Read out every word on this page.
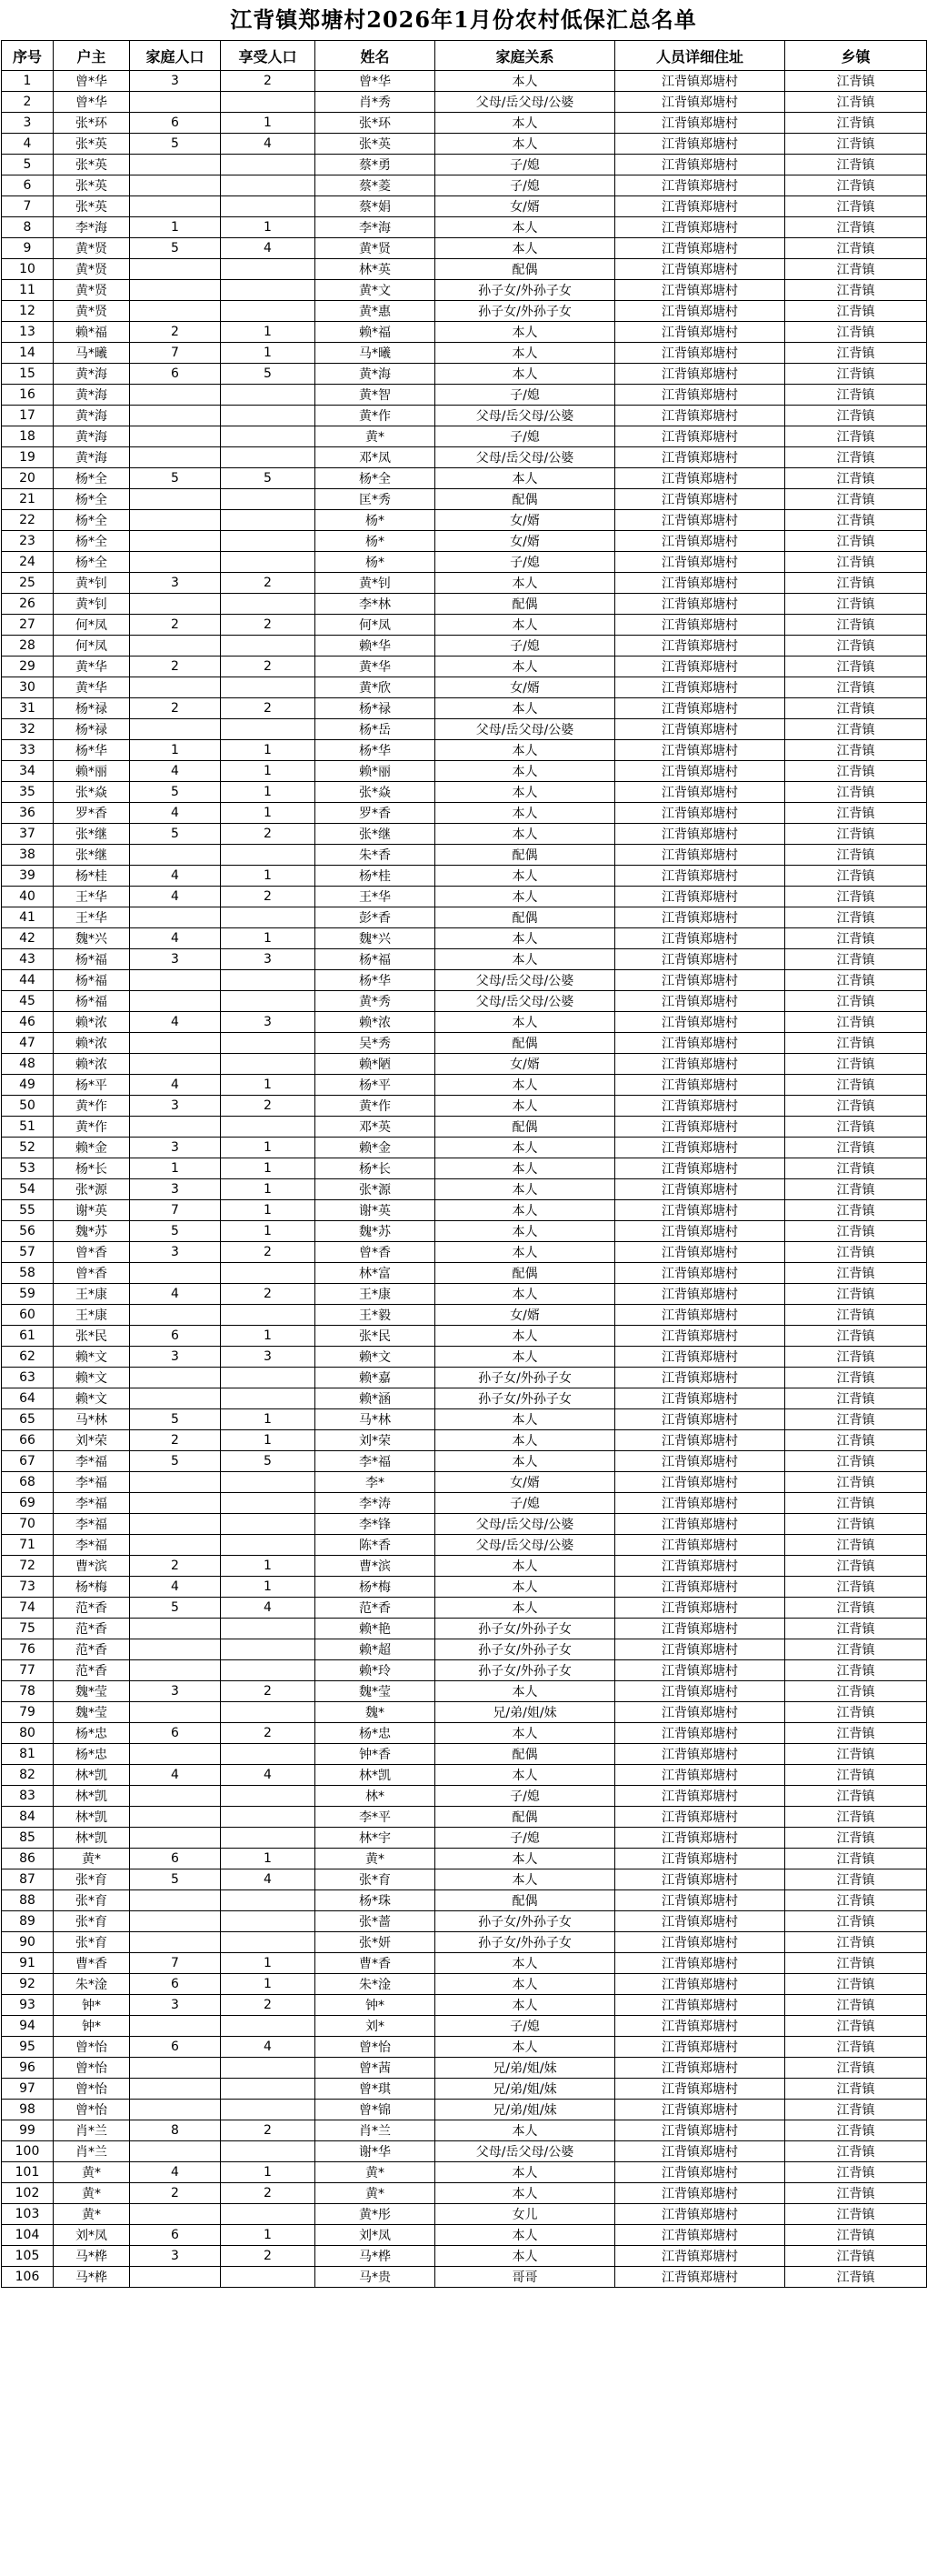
江背镇郑塘村2026年1月份农村低保汇总名单
序号	户主	家庭人口	享受人口	姓名	家庭关系	人员详细住址	乡镇
1	曾*华	3	2	曾*华	本人	江背镇郑塘村	江背镇
2	曾*华			肖*秀	父母/岳父母/公婆	江背镇郑塘村	江背镇
3	张*环	6	1	张*环	本人	江背镇郑塘村	江背镇
4	张*英	5	4	张*英	本人	江背镇郑塘村	江背镇
5	张*英			蔡*勇	子/媳	江背镇郑塘村	江背镇
6	张*英			蔡*菱	子/媳	江背镇郑塘村	江背镇
7	张*英			蔡*娟	女/婿	江背镇郑塘村	江背镇
8	李*海	1	1	李*海	本人	江背镇郑塘村	江背镇
9	黄*贤	5	4	黄*贤	本人	江背镇郑塘村	江背镇
10	黄*贤			林*英	配偶	江背镇郑塘村	江背镇
11	黄*贤			黄*文	孙子女/外孙子女	江背镇郑塘村	江背镇
12	黄*贤			黄*惠	孙子女/外孙子女	江背镇郑塘村	江背镇
13	赖*福	2	1	赖*福	本人	江背镇郑塘村	江背镇
14	马*曦	7	1	马*曦	本人	江背镇郑塘村	江背镇
15	黄*海	6	5	黄*海	本人	江背镇郑塘村	江背镇
16	黄*海			黄*智	子/媳	江背镇郑塘村	江背镇
17	黄*海			黄*作	父母/岳父母/公婆	江背镇郑塘村	江背镇
18	黄*海			黄*	子/媳	江背镇郑塘村	江背镇
19	黄*海			邓*凤	父母/岳父母/公婆	江背镇郑塘村	江背镇
20	杨*全	5	5	杨*全	本人	江背镇郑塘村	江背镇
21	杨*全			匡*秀	配偶	江背镇郑塘村	江背镇
22	杨*全			杨*	女/婿	江背镇郑塘村	江背镇
23	杨*全			杨*	女/婿	江背镇郑塘村	江背镇
24	杨*全			杨*	子/媳	江背镇郑塘村	江背镇
25	黄*钊	3	2	黄*钊	本人	江背镇郑塘村	江背镇
26	黄*钊			李*林	配偶	江背镇郑塘村	江背镇
27	何*凤	2	2	何*凤	本人	江背镇郑塘村	江背镇
28	何*凤			赖*华	子/媳	江背镇郑塘村	江背镇
29	黄*华	2	2	黄*华	本人	江背镇郑塘村	江背镇
30	黄*华			黄*欣	女/婿	江背镇郑塘村	江背镇
31	杨*禄	2	2	杨*禄	本人	江背镇郑塘村	江背镇
32	杨*禄			杨*岳	父母/岳父母/公婆	江背镇郑塘村	江背镇
33	杨*华	1	1	杨*华	本人	江背镇郑塘村	江背镇
34	赖*丽	4	1	赖*丽	本人	江背镇郑塘村	江背镇
35	张*焱	5	1	张*焱	本人	江背镇郑塘村	江背镇
36	罗*香	4	1	罗*香	本人	江背镇郑塘村	江背镇
37	张*继	5	2	张*继	本人	江背镇郑塘村	江背镇
38	张*继			朱*香	配偶	江背镇郑塘村	江背镇
39	杨*桂	4	1	杨*桂	本人	江背镇郑塘村	江背镇
40	王*华	4	2	王*华	本人	江背镇郑塘村	江背镇
41	王*华			彭*香	配偶	江背镇郑塘村	江背镇
42	魏*兴	4	1	魏*兴	本人	江背镇郑塘村	江背镇
43	杨*福	3	3	杨*福	本人	江背镇郑塘村	江背镇
44	杨*福			杨*华	父母/岳父母/公婆	江背镇郑塘村	江背镇
45	杨*福			黄*秀	父母/岳父母/公婆	江背镇郑塘村	江背镇
46	赖*浓	4	3	赖*浓	本人	江背镇郑塘村	江背镇
47	赖*浓			吴*秀	配偶	江背镇郑塘村	江背镇
48	赖*浓			赖*陋	女/婿	江背镇郑塘村	江背镇
49	杨*平	4	1	杨*平	本人	江背镇郑塘村	江背镇
50	黄*作	3	2	黄*作	本人	江背镇郑塘村	江背镇
51	黄*作			邓*英	配偶	江背镇郑塘村	江背镇
52	赖*金	3	1	赖*金	本人	江背镇郑塘村	江背镇
53	杨*长	1	1	杨*长	本人	江背镇郑塘村	江背镇
54	张*源	3	1	张*源	本人	江背镇郑塘村	江背镇
55	谢*英	7	1	谢*英	本人	江背镇郑塘村	江背镇
56	魏*苏	5	1	魏*苏	本人	江背镇郑塘村	江背镇
57	曾*香	3	2	曾*香	本人	江背镇郑塘村	江背镇
58	曾*香			林*富	配偶	江背镇郑塘村	江背镇
59	王*康	4	2	王*康	本人	江背镇郑塘村	江背镇
60	王*康			王*毅	女/婿	江背镇郑塘村	江背镇
61	张*民	6	1	张*民	本人	江背镇郑塘村	江背镇
62	赖*文	3	3	赖*文	本人	江背镇郑塘村	江背镇
63	赖*文			赖*嘉	孙子女/外孙子女	江背镇郑塘村	江背镇
64	赖*文			赖*涵	孙子女/外孙子女	江背镇郑塘村	江背镇
65	马*林	5	1	马*林	本人	江背镇郑塘村	江背镇
66	刘*荣	2	1	刘*荣	本人	江背镇郑塘村	江背镇
67	李*福	5	5	李*福	本人	江背镇郑塘村	江背镇
68	李*福			李*	女/婿	江背镇郑塘村	江背镇
69	李*福			李*涛	子/媳	江背镇郑塘村	江背镇
70	李*福			李*锋	父母/岳父母/公婆	江背镇郑塘村	江背镇
71	李*福			陈*香	父母/岳父母/公婆	江背镇郑塘村	江背镇
72	曹*滨	2	1	曹*滨	本人	江背镇郑塘村	江背镇
73	杨*梅	4	1	杨*梅	本人	江背镇郑塘村	江背镇
74	范*香	5	4	范*香	本人	江背镇郑塘村	江背镇
75	范*香			赖*艳	孙子女/外孙子女	江背镇郑塘村	江背镇
76	范*香			赖*超	孙子女/外孙子女	江背镇郑塘村	江背镇
77	范*香			赖*玲	孙子女/外孙子女	江背镇郑塘村	江背镇
78	魏*莹	3	2	魏*莹	本人	江背镇郑塘村	江背镇
79	魏*莹			魏*	兄/弟/姐/妹	江背镇郑塘村	江背镇
80	杨*忠	6	2	杨*忠	本人	江背镇郑塘村	江背镇
81	杨*忠			钟*香	配偶	江背镇郑塘村	江背镇
82	林*凯	4	4	林*凯	本人	江背镇郑塘村	江背镇
83	林*凯			林*	子/媳	江背镇郑塘村	江背镇
84	林*凯			李*平	配偶	江背镇郑塘村	江背镇
85	林*凯			林*宇	子/媳	江背镇郑塘村	江背镇
86	黄*	6	1	黄*	本人	江背镇郑塘村	江背镇
87	张*育	5	4	张*育	本人	江背镇郑塘村	江背镇
88	张*育			杨*珠	配偶	江背镇郑塘村	江背镇
89	张*育			张*蔷	孙子女/外孙子女	江背镇郑塘村	江背镇
90	张*育			张*妍	孙子女/外孙子女	江背镇郑塘村	江背镇
91	曹*香	7	1	曹*香	本人	江背镇郑塘村	江背镇
92	朱*淦	6	1	朱*淦	本人	江背镇郑塘村	江背镇
93	钟*	3	2	钟*	本人	江背镇郑塘村	江背镇
94	钟*			刘*	子/媳	江背镇郑塘村	江背镇
95	曾*怡	6	4	曾*怡	本人	江背镇郑塘村	江背镇
96	曾*怡			曾*茜	兄/弟/姐/妹	江背镇郑塘村	江背镇
97	曾*怡			曾*琪	兄/弟/姐/妹	江背镇郑塘村	江背镇
98	曾*怡			曾*锦	兄/弟/姐/妹	江背镇郑塘村	江背镇
99	肖*兰	8	2	肖*兰	本人	江背镇郑塘村	江背镇
100	肖*兰			谢*华	父母/岳父母/公婆	江背镇郑塘村	江背镇
101	黄*	4	1	黄*	本人	江背镇郑塘村	江背镇
102	黄*	2	2	黄*	本人	江背镇郑塘村	江背镇
103	黄*			黄*彤	女儿	江背镇郑塘村	江背镇
104	刘*凤	6	1	刘*凤	本人	江背镇郑塘村	江背镇
105	马*桦	3	2	马*桦	本人	江背镇郑塘村	江背镇
106	马*桦			马*贵	哥哥	江背镇郑塘村	江背镇
